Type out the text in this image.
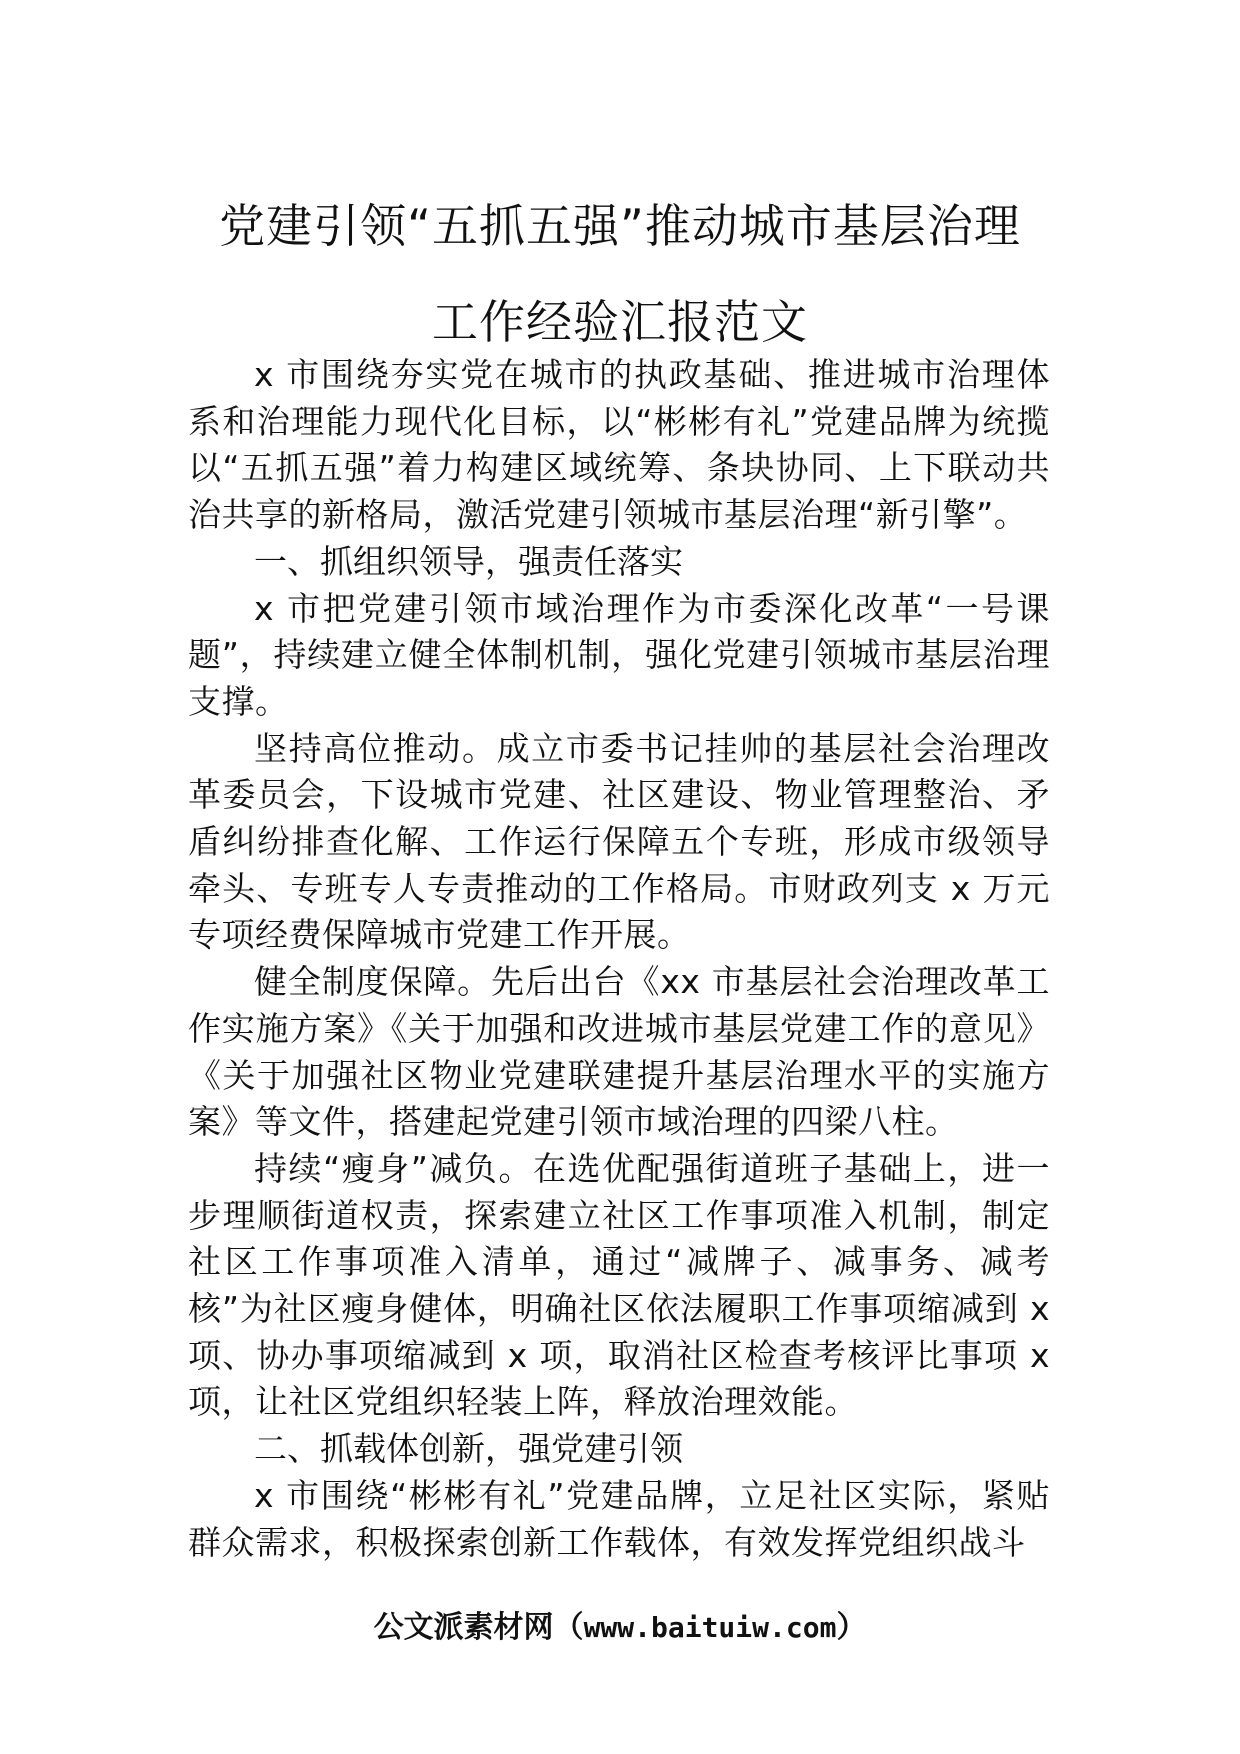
党建引领“五抓五强”推动城市基层治理
工作经验汇报范文

x 市围绕夯实党在城市的执政基础、推进城市治理体系和治理能力现代化目标，以“彬彬有礼”党建品牌为统揽以“五抓五强”着力构建区域统筹、条块协同、上下联动共治共享的新格局，激活党建引领城市基层治理“新引擎”。

一、抓组织领导，强责任落实

x 市把党建引领市域治理作为市委深化改革“一号课题”，持续建立健全体制机制，强化党建引领城市基层治理支撑。

坚持高位推动。成立市委书记挂帅的基层社会治理改革委员会，下设城市党建、社区建设、物业管理整治、矛盾纠纷排查化解、工作运行保障五个专班，形成市级领导牵头、专班专人专责推动的工作格局。市财政列支 x 万元专项经费保障城市党建工作开展。

健全制度保障。先后出台《xx 市基层社会治理改革工作实施方案》《关于加强和改进城市基层党建工作的意见》《关于加强社区物业党建联建提升基层治理水平的实施方案》等文件，搭建起党建引领市域治理的四梁八柱。

持续“瘦身”减负。在选优配强街道班子基础上，进一步理顺街道权责，探索建立社区工作事项准入机制，制定社区工作事项准入清单，通过“减牌子、减事务、减考核”为社区瘦身健体，明确社区依法履职工作事项缩减到 x 项、协办事项缩减到 x 项，取消社区检查考核评比事项 x 项，让社区党组织轻装上阵，释放治理效能。

二、抓载体创新，强党建引领

x 市围绕“彬彬有礼”党建品牌，立足社区实际，紧贴群众需求，积极探索创新工作载体，有效发挥党组织战斗

公文派素材网（www.baituiw.com）
